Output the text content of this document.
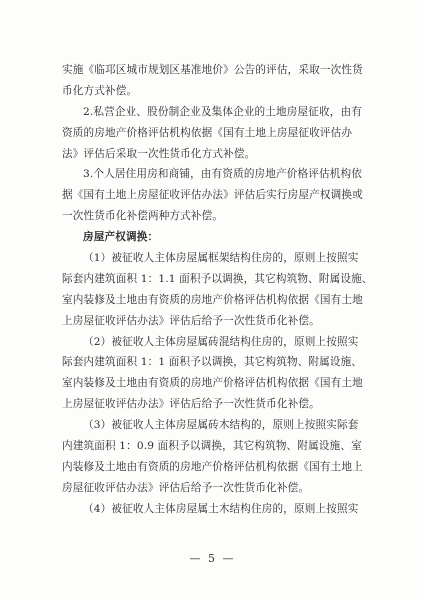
实施《临邛区城市规划区基准地价》公告的评估，采取一次性货
币化方式补偿。
2.私营企业、股份制企业及集体企业的土地房屋征收，由有
资质的房地产价格评估机构依据《国有土地上房屋征收评估办
法》评估后采取一次性货币化方式补偿。
3.个人居住用房和商铺，由有资质的房地产价格评估机构依
据《国有土地上房屋征收评估办法》评估后实行房屋产权调换或
一次性货币化补偿两种方式补偿。
房屋产权调换：
（1）被征收人主体房屋属框架结构住房的，原则上按照实
际套内建筑面积 1：1.1 面积予以调换，其它构筑物、附属设施、
室内装修及土地由有资质的房地产价格评估机构依据《国有土地
上房屋征收评估办法》评估后给予一次性货币化补偿。
（2）被征收人主体房屋属砖混结构住房的，原则上按照实
际套内建筑面积 1：1 面积予以调换，其它构筑物、附属设施、
室内装修及土地由有资质的房地产价格评估机构依据《国有土地
上房屋征收评估办法》评估后给予一次性货币化补偿。
（3）被征收人主体房屋属砖木结构的，原则上按照实际套
内建筑面积 1：0.9 面积予以调换，其它构筑物、附属设施、室
内装修及土地由有资质的房地产价格评估机构依据《国有土地上
房屋征收评估办法》评估后给予一次性货币化补偿。
（4）被征收人主体房屋属土木结构住房的，原则上按照实
— 5 —
